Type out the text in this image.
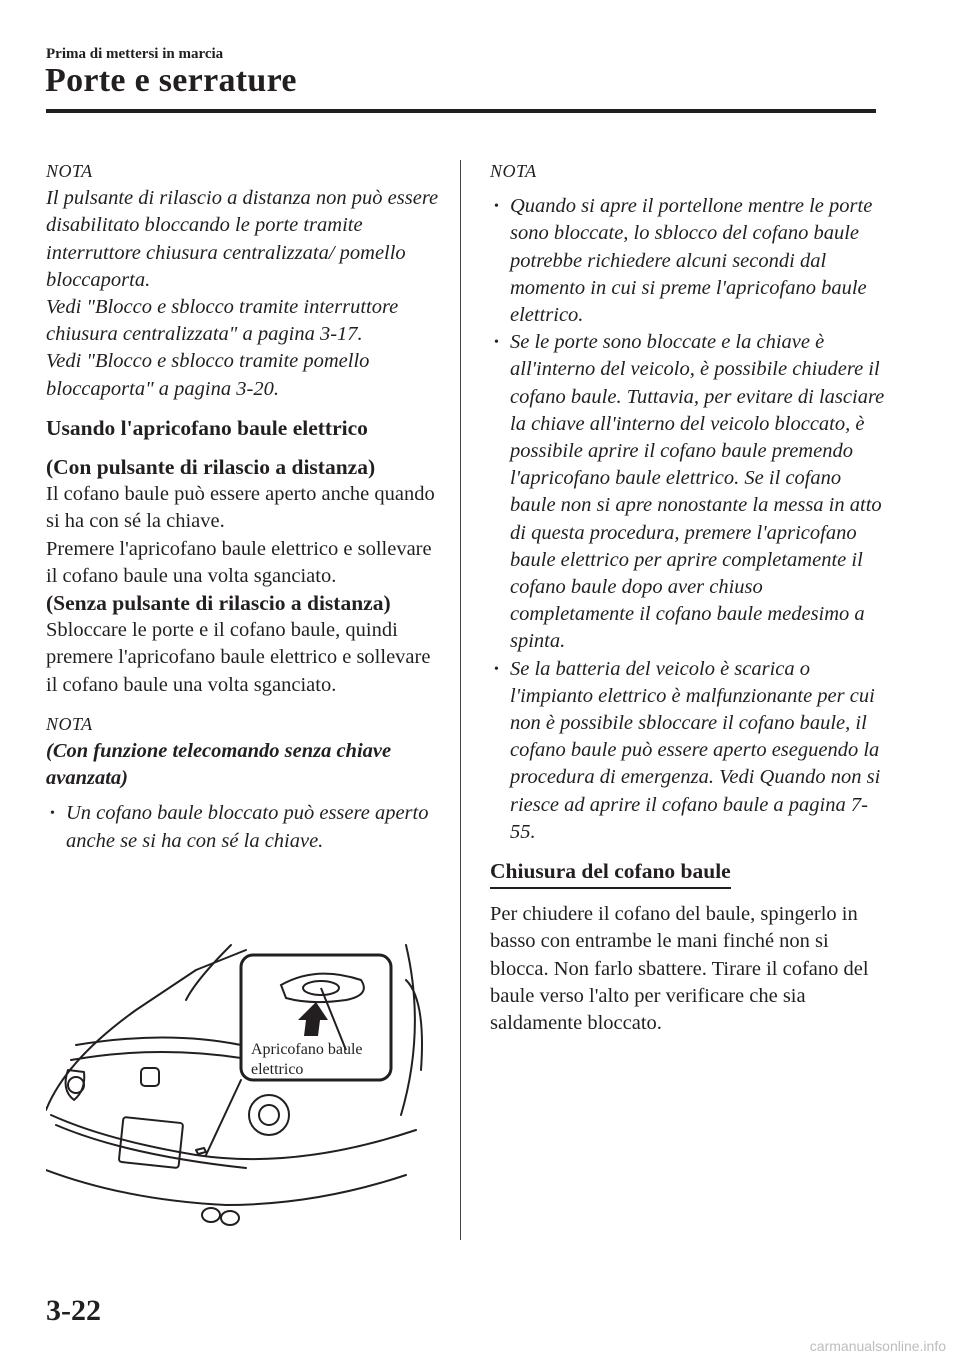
Prima di mettersi in marcia
Porte e serrature

NOTA

Il pulsante di rilascio a distanza non può essere disabilitato bloccando le porte tramite interruttore chiusura centralizzata/ pomello bloccaporta.

Vedi "Blocco e sblocco tramite interruttore chiusura centralizzata" a pagina 3-17.

Vedi "Blocco e sblocco tramite pomello bloccaporta" a pagina 3-20.

Usando l'apricofano baule elettrico

(Con pulsante di rilascio a distanza)

Il cofano baule può essere aperto anche quando si ha con sé la chiave.

Premere l'apricofano baule elettrico e sollevare il cofano baule una volta sganciato.

(Senza pulsante di rilascio a distanza)

Sbloccare le porte e il cofano baule, quindi premere l'apricofano baule elettrico e sollevare il cofano baule una volta sganciato.

NOTA

(Con funzione telecomando senza chiave avanzata)

• Un cofano baule bloccato può essere aperto anche se si ha con sé la chiave.
Apricofano baule elettrico

NOTA

• Quando si apre il portellone mentre le porte sono bloccate, lo sblocco del cofano baule potrebbe richiedere alcuni secondi dal momento in cui si preme l'apricofano baule elettrico.
• Se le porte sono bloccate e la chiave è all'interno del veicolo, è possibile chiudere il cofano baule. Tuttavia, per evitare di lasciare la chiave all'interno del veicolo bloccato, è possibile aprire il cofano baule premendo l'apricofano baule elettrico. Se il cofano baule non si apre nonostante la messa in atto di questa procedura, premere l'apricofano baule elettrico per aprire completamente il cofano baule dopo aver chiuso completamente il cofano baule medesimo a spinta.
• Se la batteria del veicolo è scarica o l'impianto elettrico è malfunzionante per cui non è possibile sbloccare il cofano baule, il cofano baule può essere aperto eseguendo la procedura di emergenza. Vedi Quando non si riesce ad aprire il cofano baule a pagina 7-55.
Chiusura del cofano baule

Per chiudere il cofano del baule, spingerlo in basso con entrambe le mani finché non si blocca. Non farlo sbattere. Tirare il cofano del baule verso l'alto per verificare che sia saldamente bloccato.

3-22
carmanualsonline.info
